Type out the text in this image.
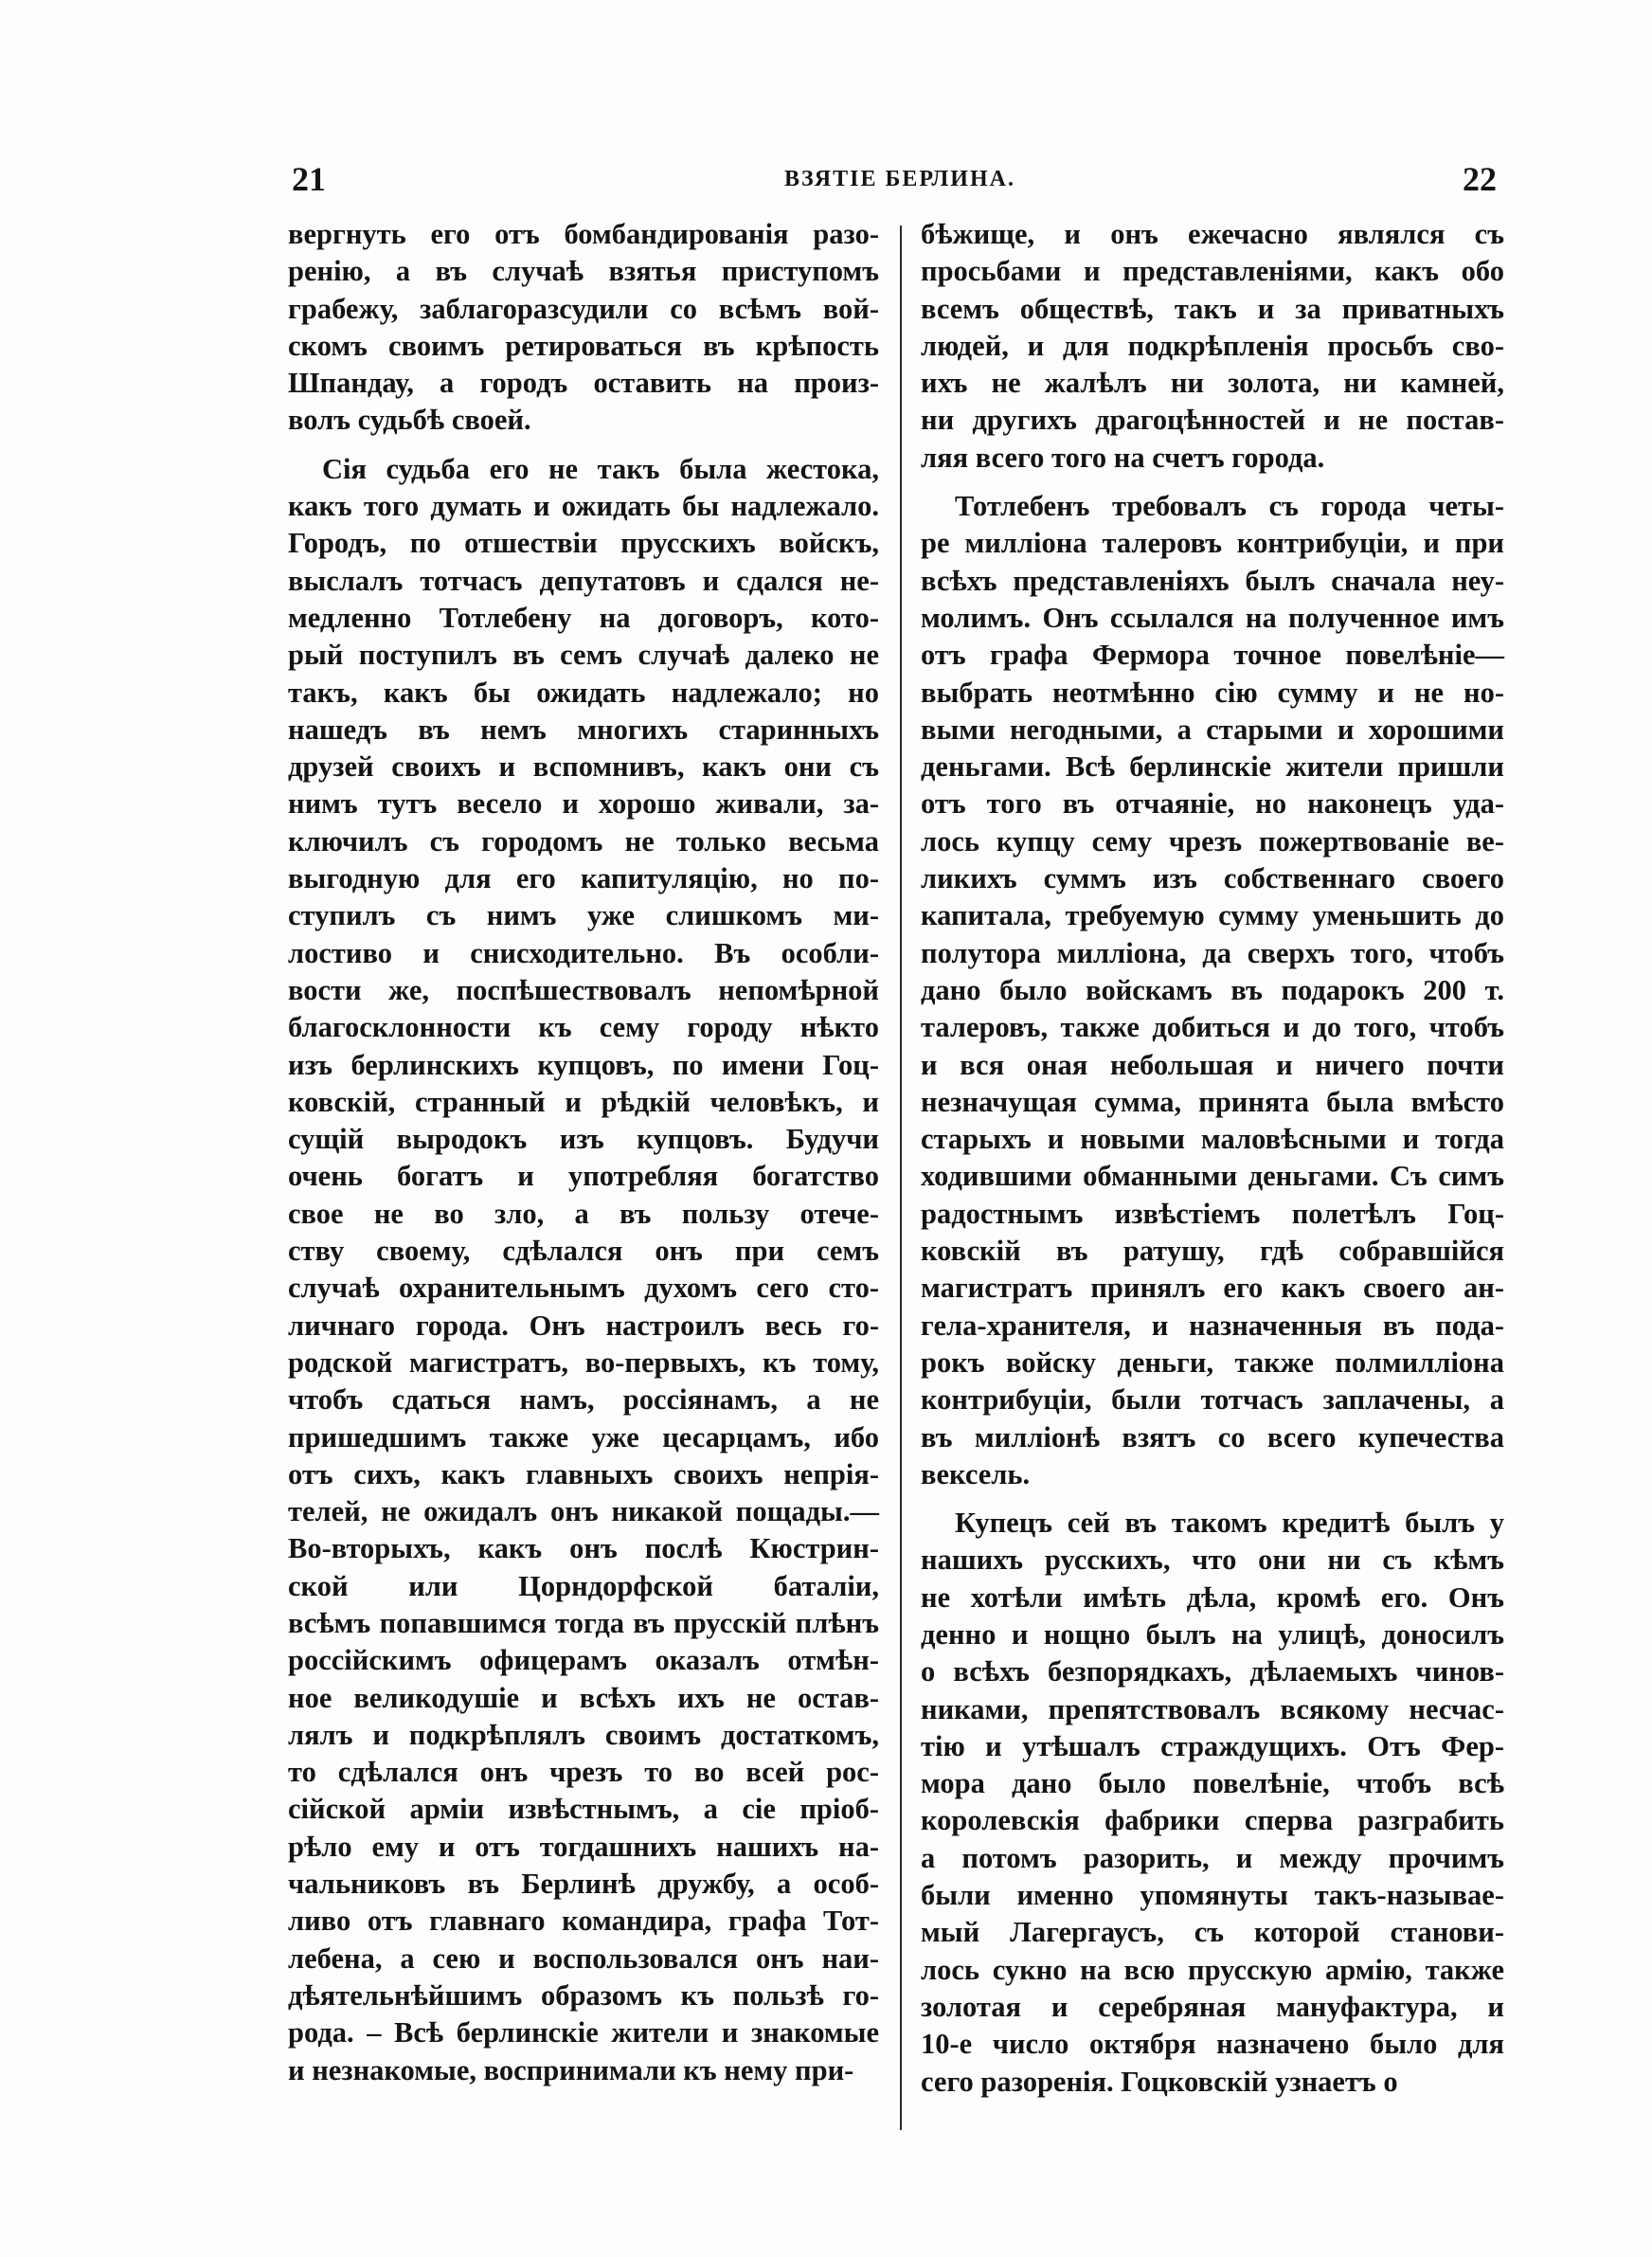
21	ВЗЯТІЕ БЕРЛИНА.	22
вергнуть его отъ бомбандированія разо-
ренію, а въ случаѣ взятья приступомъ
грабежу, заблагоразсудили со всѣмъ вой-
скомъ своимъ ретироваться въ крѣпость
Шпандау, а городъ оставить на произ-
волъ судьбѣ своей.
Сія судьба его не такъ была жестока,
какъ того думать и ожидать бы надлежало.
Городъ, по отшествіи прусскихъ войскъ,
выслалъ тотчасъ депутатовъ и сдался не-
медленно Тотлебену на договоръ, кото-
рый поступилъ въ семъ случаѣ далеко не
такъ, какъ бы ожидать надлежало; но
нашедъ въ немъ многихъ старинныхъ
друзей своихъ и вспомнивъ, какъ они съ
нимъ тутъ весело и хорошо живали, за-
ключилъ съ городомъ не только весьма
выгодную для его капитуляцію, но по-
ступилъ съ нимъ уже слишкомъ ми-
лостиво и снисходительно. Въ особли-
вости же, поспѣшествовалъ непомѣрной
благосклонности къ сему городу нѣкто
изъ берлинскихъ купцовъ, по имени Гоц-
ковскій, странный и рѣдкій человѣкъ, и
сущій выродокъ изъ купцовъ. Будучи
очень богатъ и употребляя богатство
свое не во зло, а въ пользу отече-
ству своему, сдѣлался онъ при семъ
случаѣ охранительнымъ духомъ сего сто-
личнаго города. Онъ настроилъ весь го-
родской магистратъ, во-первыхъ, къ тому,
чтобъ сдаться намъ, россіянамъ, а не
пришедшимъ также уже цесарцамъ, ибо
отъ сихъ, какъ главныхъ своихъ непрія-
телей, не ожидалъ онъ никакой пощады.—
Во-вторыхъ, какъ онъ послѣ Кюстрин-
ской или Цорндорфской баталіи,
всѣмъ попавшимся тогда въ прусскій плѣнъ
россійскимъ офицерамъ оказалъ отмѣн-
ное великодушіе и всѣхъ ихъ не остав-
лялъ и подкрѣплялъ своимъ достаткомъ,
то сдѣлался онъ чрезъ то во всей рос-
сійской арміи извѣстнымъ, а сіе пріоб-
рѣло ему и отъ тогдашнихъ нашихъ на-
чальниковъ въ Берлинѣ дружбу, а особ-
ливо отъ главнаго командира, графа Тот-
лебена, а сею и воспользовался онъ наи-
дѣятельнѣйшимъ образомъ къ пользѣ го-
рода. – Всѣ берлинскіе жители и знакомые
и незнакомые, воспринимали къ нему при-
бѣжище, и онъ ежечасно являлся съ
просьбами и представленіями, какъ обо
всемъ обществѣ, такъ и за приватныхъ
людей, и для подкрѣпленія просьбъ сво-
ихъ не жалѣлъ ни золота, ни камней,
ни другихъ драгоцѣнностей и не постав-
ляя всего того на счетъ города.
Тотлебенъ требовалъ съ города четы-
ре милліона талеровъ контрибуціи, и при
всѣхъ представленіяхъ былъ сначала неу-
молимъ. Онъ ссылался на полученное имъ
отъ графа Фермора точное повелѣніе—
выбрать неотмѣнно сію сумму и не но-
выми негодными, а старыми и хорошими
деньгами. Всѣ берлинскіе жители пришли
отъ того въ отчаяніе, но наконецъ уда-
лось купцу сему чрезъ пожертвованіе ве-
ликихъ суммъ изъ собственнаго своего
капитала, требуемую сумму уменьшить до
полутора милліона, да сверхъ того, чтобъ
дано было войскамъ въ подарокъ 200 т.
талеровъ, также добиться и до того, чтобъ
и вся оная небольшая и ничего почти
незначущая сумма, принята была вмѣсто
старыхъ и новыми маловѣсными и тогда
ходившими обманными деньгами. Съ симъ
радостнымъ извѣстіемъ полетѣлъ Гоц-
ковскій въ ратушу, гдѣ собравшійся
магистратъ принялъ его какъ своего ан-
гела-хранителя, и назначенныя въ пода-
рокъ войску деньги, также полмилліона
контрибуціи, были тотчасъ заплачены, а
въ милліонѣ взятъ со всего купечества
вексель.
Купецъ сей въ такомъ кредитѣ былъ у
нашихъ русскихъ, что они ни съ кѣмъ
не хотѣли имѣть дѣла, кромѣ его. Онъ
денно и нощно былъ на улицѣ, доносилъ
о всѣхъ безпорядкахъ, дѣлаемыхъ чинов-
никами, препятствовалъ всякому несчас-
тію и утѣшалъ страждущихъ. Отъ Фер-
мора дано было повелѣніе, чтобъ всѣ
королевскія фабрики сперва разграбить
а потомъ разорить, и между прочимъ
были именно упомянуты такъ-называе-
мый Лагергаусъ, съ которой станови-
лось сукно на всю прусскую армію, также
золотая и серебряная мануфактура, и
10-е число октября назначено было для
сего разоренія. Гоцковскій узнаетъ о
